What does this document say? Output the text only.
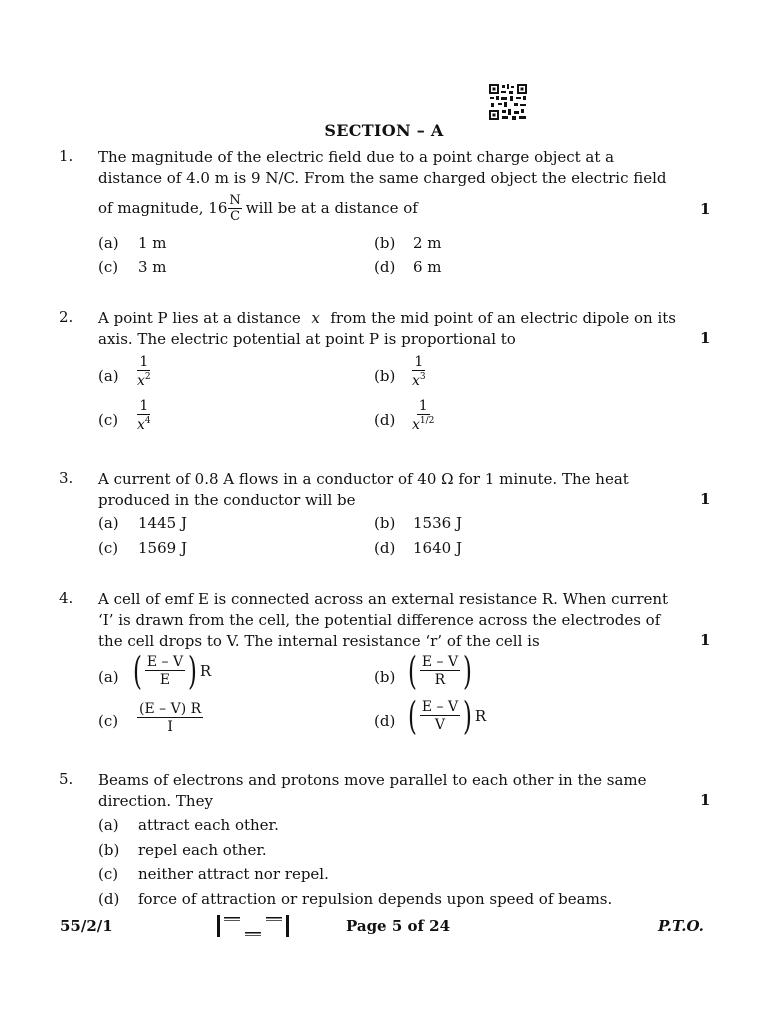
SECTION – A
1. The magnitude of the electric field due to a point charge object at a
distance of 4.0 m is 9 N/C. From the same charged object the electric field
of magnitude, $16 \frac{N}{C}$ will be at a distance of	1
(a) 1 m	(b) 2 m
(c) 3 m	(d) 6 m
2. A point P lies at a distance x from the mid point of an electric dipole on its
axis. The electric potential at point P is proportional to	1
$(a) \frac{1}{x^2}$	$(b) \frac{1}{x^3}$
$(c) \frac{1}{x^4}$	$(d) \frac{1}{x^{1/2}}$
3. A current of 0.8 A flows in a conductor of 40 Ω for 1 minute. The heat
produced in the conductor will be	1
(a) 1445 J	(b) 1536 J
(c) 1569 J	(d) 1640 J
4. A cell of emf E is connected across an external resistance R. When current
‘I’ is drawn from the cell, the potential difference across the electrodes of
the cell drops to V. The internal resistance ‘r’ of the cell is	1
(a) ( $\frac{E - V}{E}$ ) R	(b) ( $\frac{E - V}{R}$ )
$(c) \frac{(E - V) R}{I}$	(d) ( $\frac{E - V}{V}$ ) R
5. Beams of electrons and protons move parallel to each other in the same
direction. They	1
(a) attract each other.
(b) repel each other.
(c) neither attract nor repel.
(d) force of attraction or repulsion depends upon speed of beams.
55/2/1	Page 5 of 24	P.T.O.
